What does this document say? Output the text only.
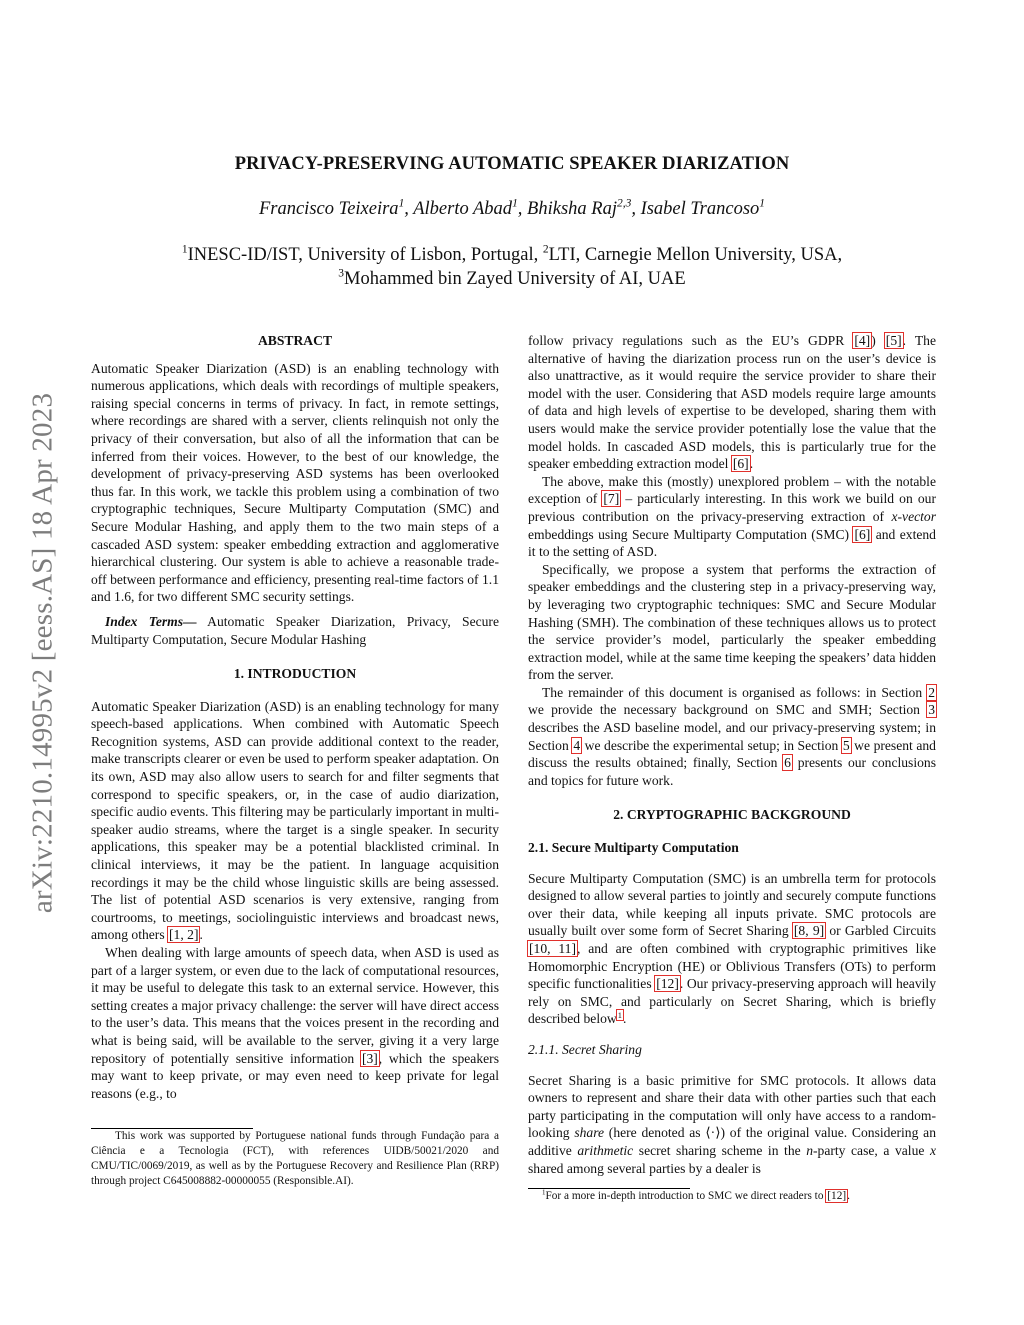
arXiv:2210.14995v2 [eess.AS] 18 Apr 2023
PRIVACY-PRESERVING AUTOMATIC SPEAKER DIARIZATION
Francisco Teixeira$^1$, Alberto Abad$^1$, Bhiksha Raj$^{2,3}$, Isabel Trancoso$^1$
$^1$INESC-ID/IST, University of Lisbon, Portugal, $^2$LTI, Carnegie Mellon University, USA,
$^3$Mohammed bin Zayed University of AI, UAE
ABSTRACT

Automatic Speaker Diarization (ASD) is an enabling technology with numerous applications, which deals with recordings of multiple speakers, raising special concerns in terms of privacy. In fact, in remote settings, where recordings are shared with a server, clients relinquish not only the privacy of their conversation, but also of all the information that can be inferred from their voices. However, to the best of our knowledge, the development of privacy-preserving ASD systems has been overlooked thus far. In this work, we tackle this problem using a combination of two cryptographic techniques, Secure Multiparty Computation (SMC) and Secure Modular Hashing, and apply them to the two main steps of a cascaded ASD system: speaker embedding extraction and agglomerative hierarchical clustering. Our system is able to achieve a reasonable trade-off between performance and efficiency, presenting real-time factors of 1.1 and 1.6, for two different SMC security settings.

Index Terms— Automatic Speaker Diarization, Privacy, Secure Multiparty Computation, Secure Modular Hashing

1. INTRODUCTION

Automatic Speaker Diarization (ASD) is an enabling technology for many speech-based applications. When combined with Automatic Speech Recognition systems, ASD can provide additional context to the reader, make transcripts clearer or even be used to perform speaker adaptation. On its own, ASD may also allow users to search for and filter segments that correspond to specific speakers, or, in the case of audio diarization, specific audio events. This filtering may be particularly important in multi-speaker audio streams, where the target is a single speaker. In security applications, this speaker may be a potential blacklisted criminal. In clinical interviews, it may be the patient. In language acquisition recordings it may be the child whose linguistic skills are being assessed. The list of potential ASD scenarios is very extensive, ranging from courtrooms, to meetings, sociolinguistic interviews and broadcast news, among others [1, 2].

When dealing with large amounts of speech data, when ASD is used as part of a larger system, or even due to the lack of computational resources, it may be useful to delegate this task to an external service. However, this setting creates a major privacy challenge: the server will have direct access to the user’s data. This means that the voices present in the recording and what is being said, will be available to the server, giving it a very large repository of potentially sensitive information [3], which the speakers may want to keep private, or may even need to keep private for legal reasons (e.g., to

This work was supported by Portuguese national funds through Fundação para a Ciência e a Tecnologia (FCT), with references UIDB/50021/2020 and CMU/TIC/0069/2019, as well as by the Portuguese Recovery and Resilience Plan (RRP) through project C645008882-00000055 (Responsible.AI).

follow privacy regulations such as the EU’s GDPR [4]) [5]. The alternative of having the diarization process run on the user’s device is also unattractive, as it would require the service provider to share their model with the user. Considering that ASD models require large amounts of data and high levels of expertise to be developed, sharing them with users would make the service provider potentially lose the value that the model holds. In cascaded ASD models, this is particularly true for the speaker embedding extraction model [6].

The above, make this (mostly) unexplored problem – with the notable exception of [7] – particularly interesting. In this work we build on our previous contribution on the privacy-preserving extraction of x-vector embeddings using Secure Multiparty Computation (SMC) [6] and extend it to the setting of ASD.

Specifically, we propose a system that performs the extraction of speaker embeddings and the clustering step in a privacy-preserving way, by leveraging two cryptographic techniques: SMC and Secure Modular Hashing (SMH). The combination of these techniques allows us to protect the service provider’s model, particularly the speaker embedding extraction model, while at the same time keeping the speakers’ data hidden from the server.

The remainder of this document is organised as follows: in Section 2 we provide the necessary background on SMC and SMH; Section 3 describes the ASD baseline model, and our privacy-preserving system; in Section 4 we describe the experimental setup; in Section 5 we present and discuss the results obtained; finally, Section 6 presents our conclusions and topics for future work.

2. CRYPTOGRAPHIC BACKGROUND
2.1. Secure Multiparty Computation

Secure Multiparty Computation (SMC) is an umbrella term for protocols designed to allow several parties to jointly and securely compute functions over their data, while keeping all inputs private. SMC protocols are usually built over some form of Secret Sharing [8, 9] or Garbled Circuits [10, 11], and are often combined with cryptographic primitives like Homomorphic Encryption (HE) or Oblivious Transfers (OTs) to perform specific functionalities [12]. Our privacy-preserving approach will heavily rely on SMC, and particularly on Secret Sharing, which is briefly described below$^1$.

2.1.1. Secret Sharing

Secret Sharing is a basic primitive for SMC protocols. It allows data owners to represent and share their data with other parties such that each party participating in the computation will only have access to a random-looking share (here denoted as ⟨·⟩) of the original value. Considering an additive arithmetic secret sharing scheme in the n-party case, a value x shared among several parties by a dealer is

$^1$For a more in-depth introduction to SMC we direct readers to [12].
